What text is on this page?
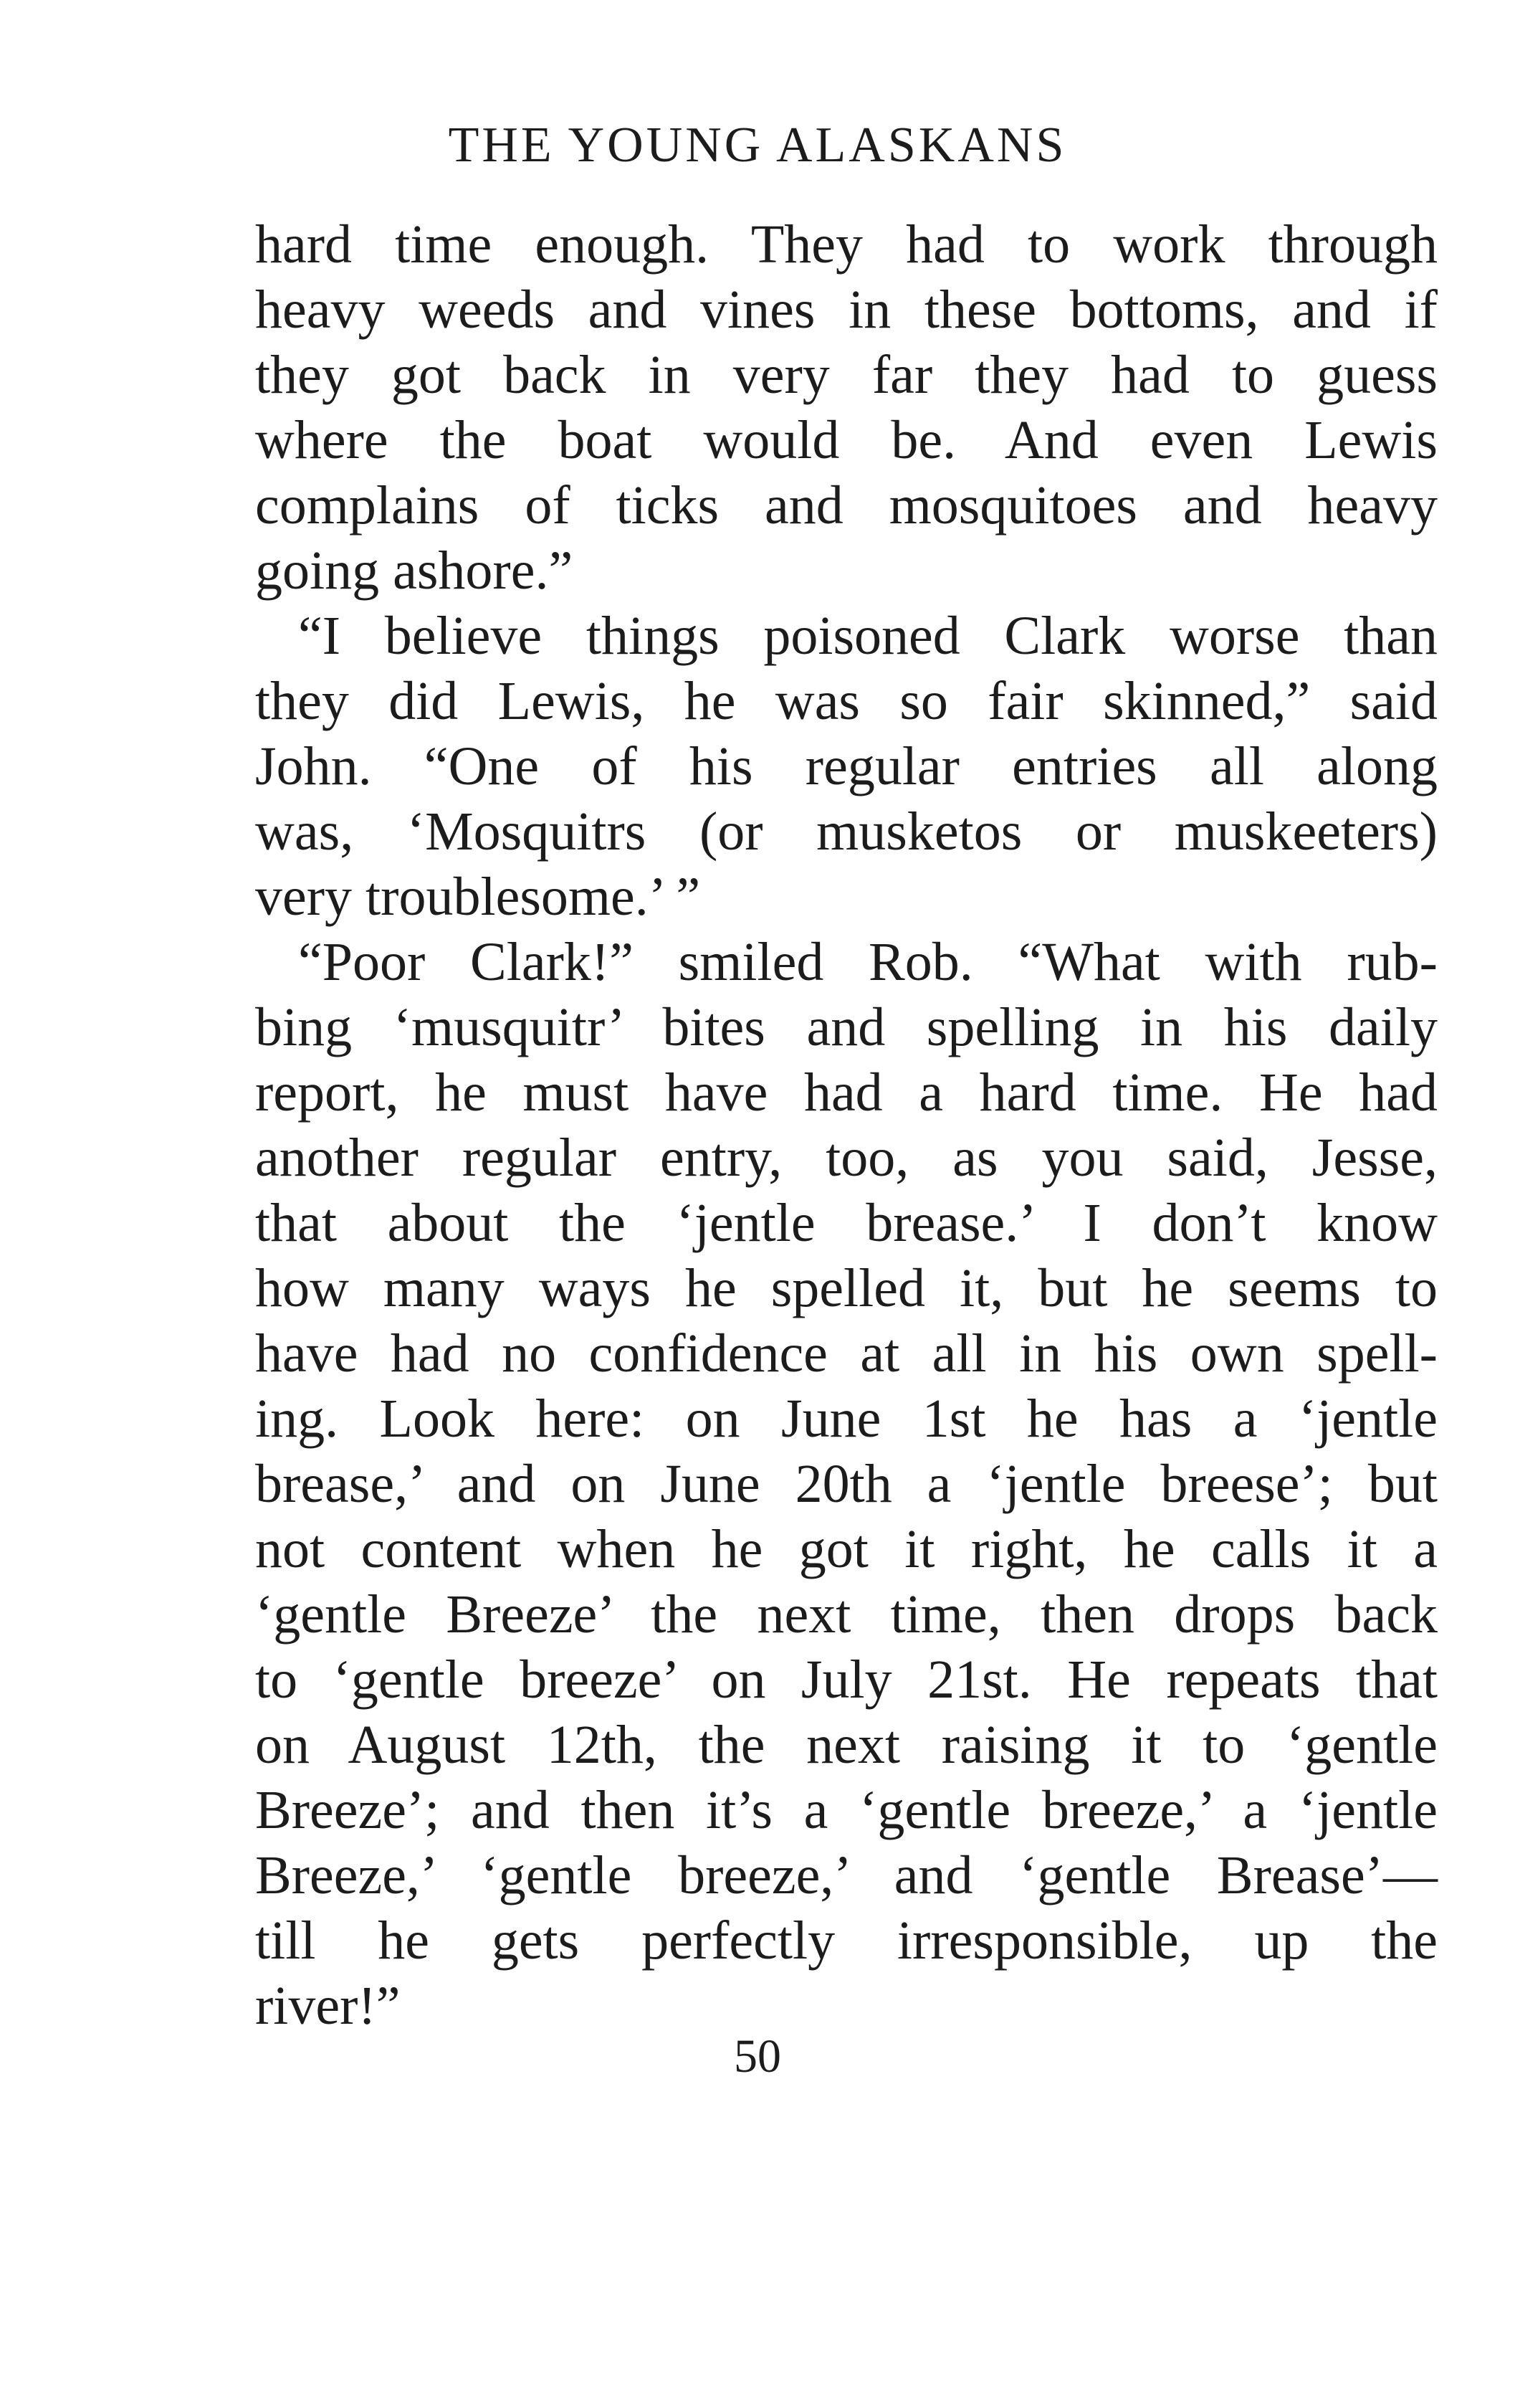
THE YOUNG ALASKANS
hard time enough. They had to work through
heavy weeds and vines in these bottoms, and if
they got back in very far they had to guess
where the boat would be. And even Lewis
complains of ticks and mosquitoes and heavy
going ashore.”
“I believe things poisoned Clark worse than
they did Lewis, he was so fair skinned,” said
John. “One of his regular entries all along
was, ‘Mosquitrs (or musketos or muskeeters)
very troublesome.’ ”
“Poor Clark!” smiled Rob. “What with rub-
bing ‘musquitr’ bites and spelling in his daily
report, he must have had a hard time. He had
another regular entry, too, as you said, Jesse,
that about the ‘jentle brease.’ I don’t know
how many ways he spelled it, but he seems to
have had no confidence at all in his own spell-
ing. Look here: on June 1st he has a ‘jentle
brease,’ and on June 20th a ‘jentle breese’; but
not content when he got it right, he calls it a
‘gentle Breeze’ the next time, then drops back
to ‘gentle breeze’ on July 21st. He repeats that
on August 12th, the next raising it to ‘gentle
Breeze’; and then it’s a ‘gentle breeze,’ a ‘jentle
Breeze,’ ‘gentle breeze,’ and ‘gentle Brease’—
till he gets perfectly irresponsible, up the
river!”
50
